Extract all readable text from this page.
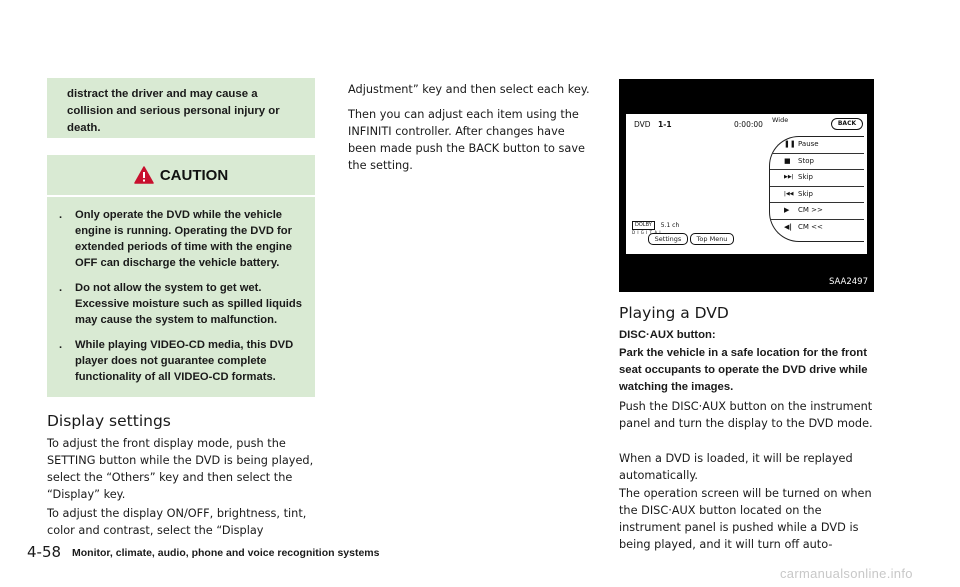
distract the driver and may cause a collision and serious personal injury or death.

CAUTION
. Only operate the DVD while the vehicle engine is running. Operating the DVD for extended periods of time with the engine OFF can discharge the vehicle battery.
. Do not allow the system to get wet. Excessive moisture such as spilled liquids may cause the system to malfunction.
. While playing VIDEO-CD media, this DVD player does not guarantee complete functionality of all VIDEO-CD formats.
Display settings

To adjust the front display mode, push the SETTING button while the DVD is being played, select the “Others” key and then select the “Display” key.

To adjust the display ON/OFF, brightness, tint, color and contrast, select the “Display

Adjustment” key and then select each key.

Then you can adjust each item using the INFINITI controller. After changes have been made push the BACK button to save the setting.

DVD 1-1	0:00:00 Wide	BACK
❚❚ Pause
■	Stop
▶▶| Skip
|◀◀ Skip
▶	CM >>
◀| CM <<
DOLBY 5.1 ch
D I G I T A L
Settings	Top Menu
SAA2497
Playing a DVD

DISC·AUX button:

Park the vehicle in a safe location for the front seat occupants to operate the DVD drive while watching the images.

Push the DISC·AUX button on the instrument panel and turn the display to the DVD mode.

When a DVD is loaded, it will be replayed automatically.

The operation screen will be turned on when the DISC·AUX button located on the instrument panel is pushed while a DVD is being played, and it will turn off auto-

4-58 Monitor, climate, audio, phone and voice recognition systems
carmanualsonline.info
